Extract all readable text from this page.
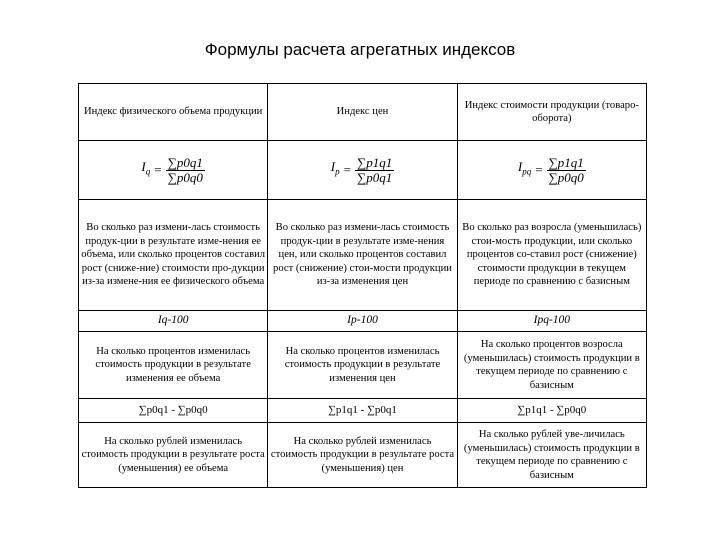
Формулы расчета агрегатных индексов
Индекс физического объема продукции	Индекс цен	Индекс стоимости продукции (товаро-оборота)
$I_q = \frac{\sum p0q1}{\sum p0q0}$	$I_p = \frac{\sum p1q1}{\sum p0q1}$	$I_{pq} = \frac{\sum p1q1}{\sum p0q0}$

Во сколько раз измени-лась стоимость продук-ции в результате изме-нения ее объема, или сколько процентов составил рост (сниже-ние) стоимости про-дукции из-за измене-ния ее физического объема	Во сколько раз измени-лась стоимость продук-ции в результате изме-нения цен, или сколько процентов составил рост (снижение) стои-мости продукции из-за изменения цен	Во сколько раз возросла (уменьшилась) стои-мость продукции, или сколько процентов со-ставил рост (снижение) стоимости продукции в текущем периоде по сравнению с базисным
Iq-100	Ip-100	Ipq-100
На сколько процентов изменилась стоимость продукции в результате изменения ее объема	На сколько процентов изменилась стоимость продукции в результате изменения цен	На сколько процентов возросла (уменьшилась) стоимость продукции в текущем периоде по сравнению с базисным
∑p0q1 - ∑p0q0	∑p1q1 - ∑p0q1	∑p1q1 - ∑p0q0
На сколько рублей изменилась стоимость продукции в результате роста (уменьшения) ее объема	На сколько рублей изменилась стоимость продукции в результате роста (уменьшения) цен	На сколько рублей уве-личилась (уменьшилась) стоимость продукции в текущем периоде по сравнению с базисным
